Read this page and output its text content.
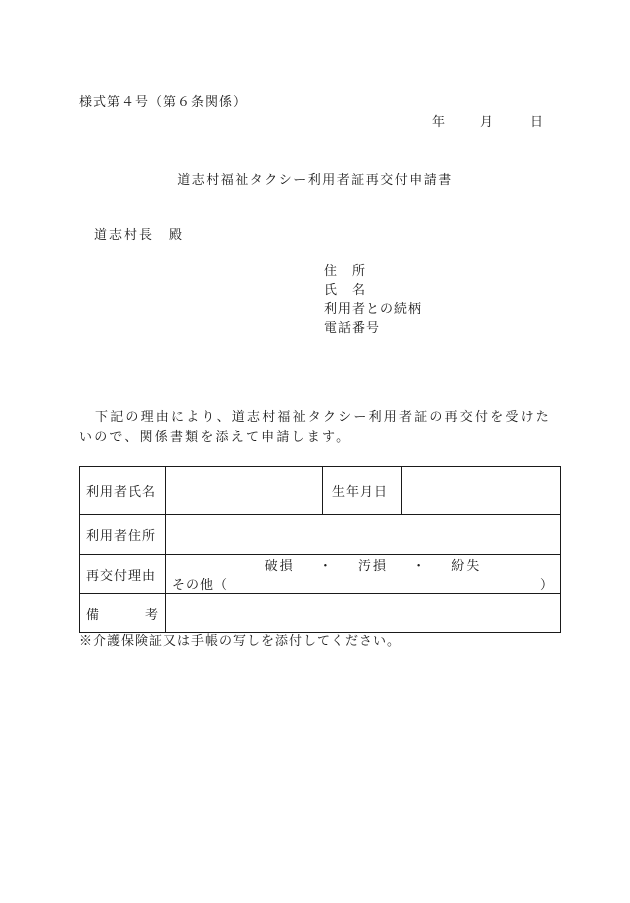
様式第４号（第６条関係）
年	月	日
道志村福祉タクシー利用者証再交付申請書
道志村長　殿
住　所
氏　名
利用者との続柄
電話番号
下記の理由により、道志村福祉タクシー利用者証の再交付を受けたいので、関係書類を添えて申請します。
利用者氏名		生年月日	
利用者住所			
再交付理由	破損 ・ 汚損 ・ 紛失
その他（ ）		

備　　考			
※介護保険証又は手帳の写しを添付してください。
